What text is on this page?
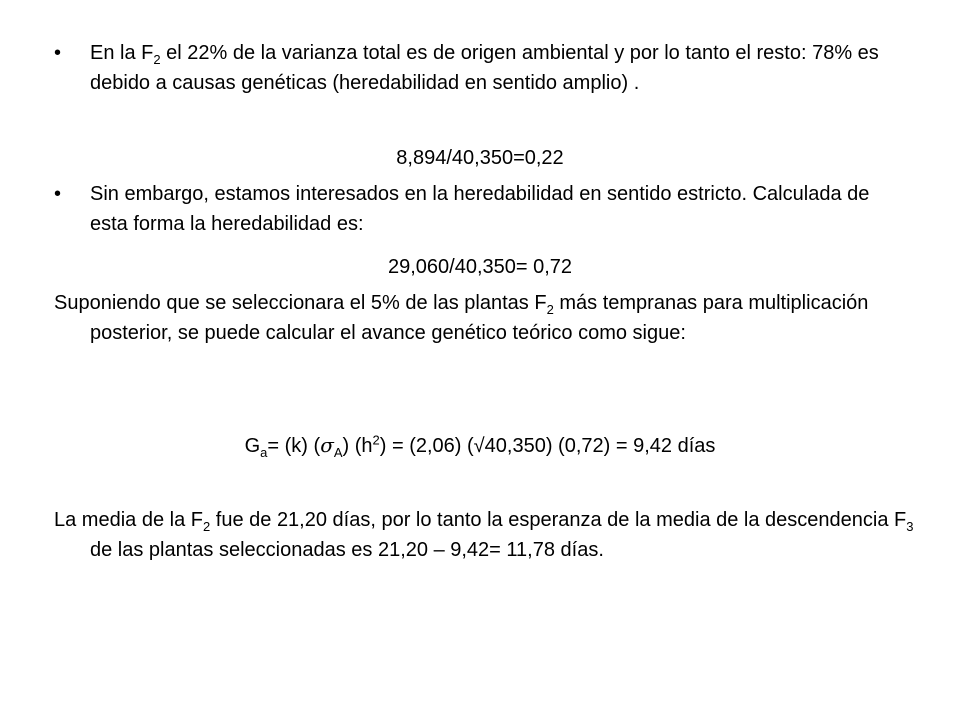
• En la $F_2$ el 22% de la varianza total es de origen ambiental y por lo tanto el resto: 78% es debido a causas genéticas (heredabilidad en sentido amplio) .
8,894/40,350=0,22
• Sin embargo, estamos interesados en la heredabilidad en sentido estricto. Calculada de esta forma la heredabilidad es:
29,060/40,350= 0,72
Suponiendo que se seleccionara el 5% de las plantas $F_2$ más tempranas para multiplicación posterior, se puede calcular el avance genético teórico como sigue:
$G_a= (k)$ $(\sigma_A) (h^2) = (2,06)$ (√40,350) (0,72) = 9,42 días
La media de la $F_2$ fue de 21,20 días, por lo tanto la esperanza de la media de la descendencia $F_3$ de las plantas seleccionadas es 21,20 – 9,42= 11,78 días.
